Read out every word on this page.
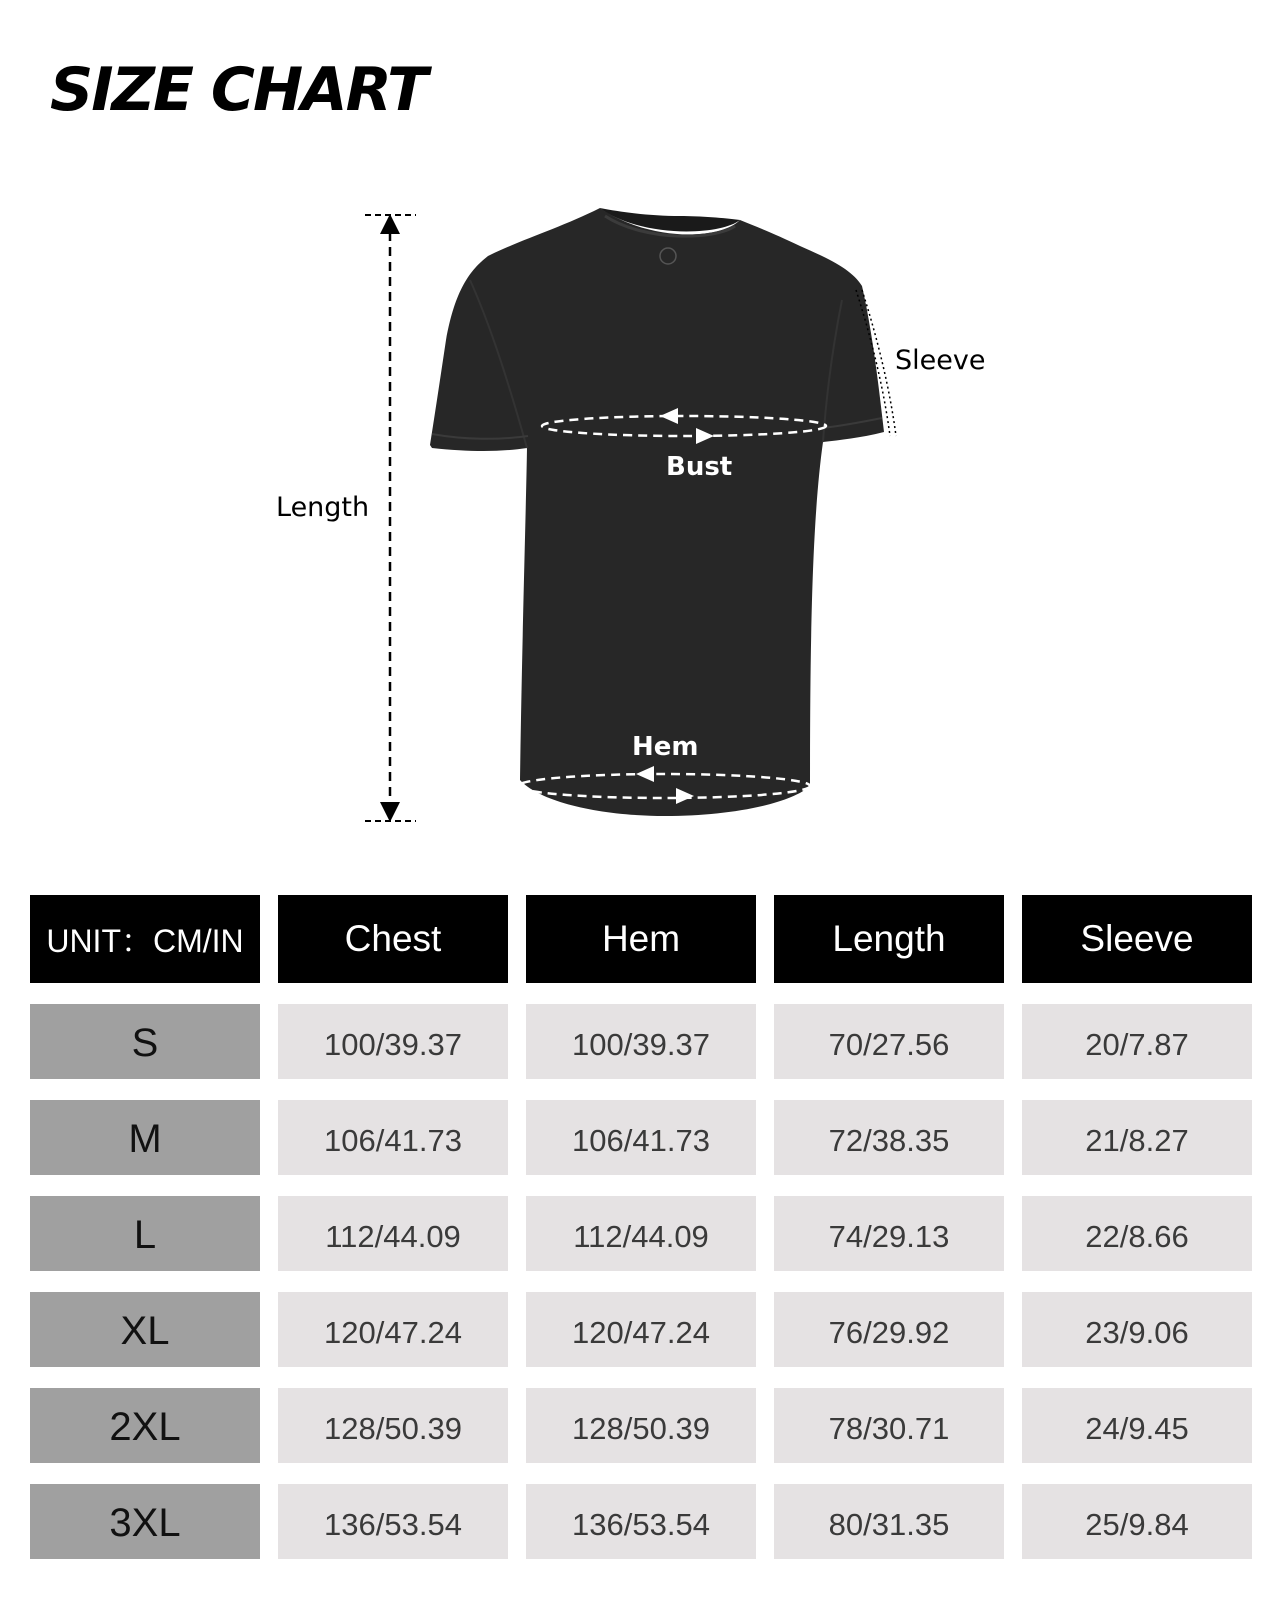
SIZE CHART
Length
Sleeve
Bust
Hem
UNIT：CM/IN	Chest	Hem	Length	Sleeve
S	100/39.37	100/39.37	70/27.56	20/7.87
M	106/41.73	106/41.73	72/38.35	21/8.27
L	112/44.09	112/44.09	74/29.13	22/8.66
XL	120/47.24	120/47.24	76/29.92	23/9.06
2XL	128/50.39	128/50.39	78/30.71	24/9.45
3XL	136/53.54	136/53.54	80/31.35	25/9.84
